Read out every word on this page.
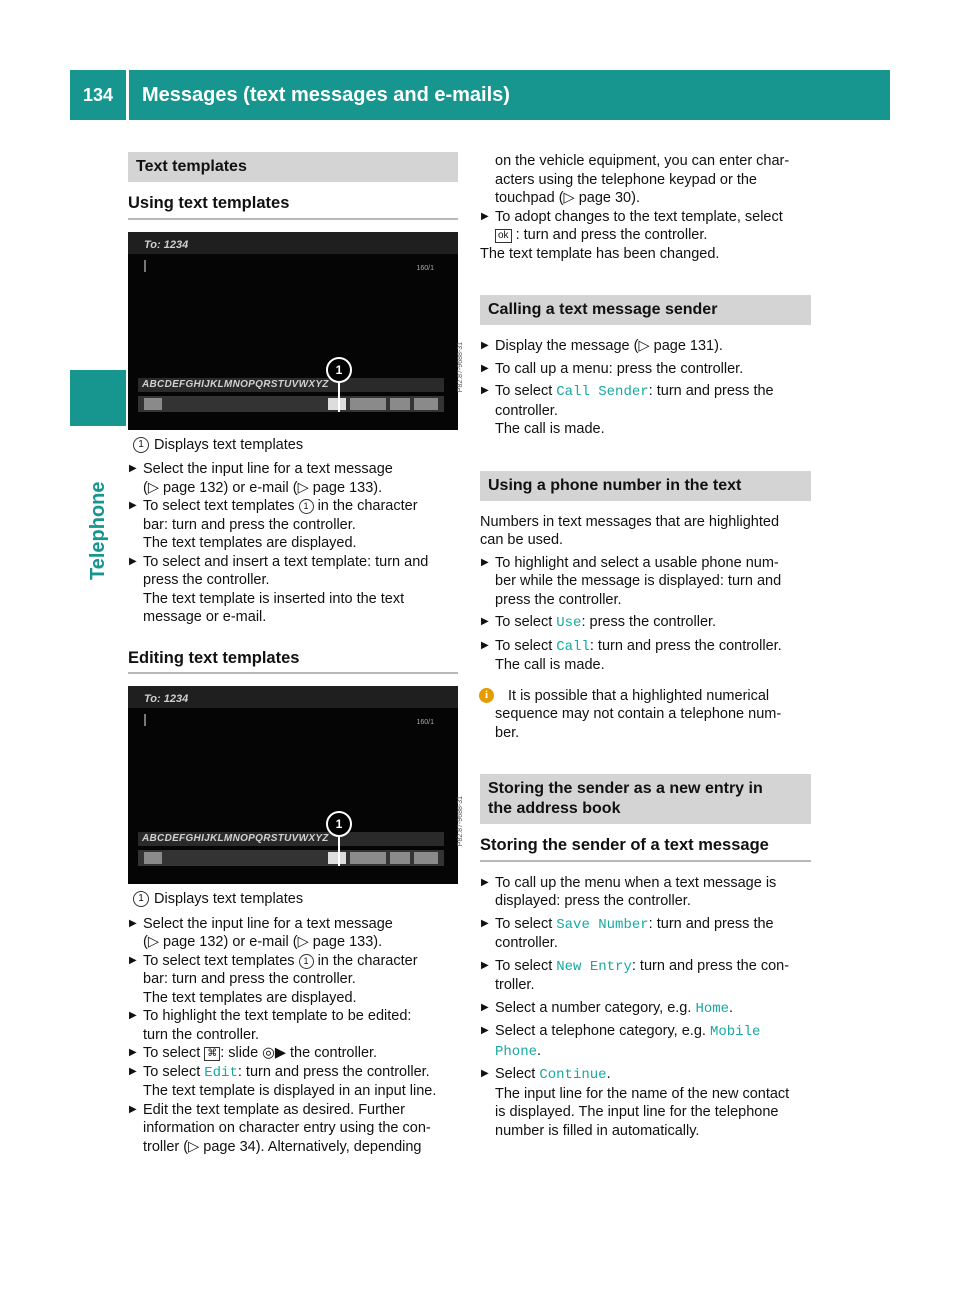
134	Messages (text messages and e-mails)
Telephone
Text templates
Using text templates
To: 1234
160/1
ABCDEFGHIJKLMNOPQRSTUVWXYZ
1	P82.87-9688-31
1 Displays text templates
▶ Select the input line for a text message
(▷ page 132) or e-mail (▷ page 133).
▶ To select text templates 1 in the character
bar: turn and press the controller.
The text templates are displayed.
▶ To select and insert a text template: turn and
press the controller.
The text template is inserted into the text
message or e-mail.
Editing text templates
To: 1234
160/1
ABCDEFGHIJKLMNOPQRSTUVWXYZ
1	P82.87-9688-31
1 Displays text templates
▶ Select the input line for a text message
(▷ page 132) or e-mail (▷ page 133).
▶ To select text templates 1 in the character
bar: turn and press the controller.
The text templates are displayed.
▶ To highlight the text template to be edited:
turn the controller.
▶ To select ⌘ : slide ◎▶ the controller.
▶ To select Edit: turn and press the controller.
The text template is displayed in an input line.
▶ Edit the text template as desired. Further
information on character entry using the con-
troller (▷ page 34). Alternatively, depending
on the vehicle equipment, you can enter char-
acters using the telephone keypad or the
touchpad (▷ page 30).
▶ To adopt changes to the text template, select
ok : turn and press the controller.
The text template has been changed.
Calling a text message sender
▶ Display the message (▷ page 131).
▶ To call up a menu: press the controller.
▶ To select Call Sender: turn and press the
controller.
The call is made.
Using a phone number in the text
Numbers in text messages that are highlighted
can be used.
▶ To highlight and select a usable phone num-
ber while the message is displayed: turn and
press the controller.
▶ To select Use: press the controller.
▶ To select Call: turn and press the controller.
The call is made.
i	It is possible that a highlighted numerical
sequence may not contain a telephone num-
ber.
Storing the sender as a new entry in
the address book
Storing the sender of a text message
▶ To call up the menu when a text message is
displayed: press the controller.
▶ To select Save Number: turn and press the
controller.
▶ To select New Entry: turn and press the con-
troller.
▶ Select a number category, e.g. Home.
▶ Select a telephone category, e.g. Mobile
Phone.
▶ Select Continue.
The input line for the name of the new contact
is displayed. The input line for the telephone
number is filled in automatically.
